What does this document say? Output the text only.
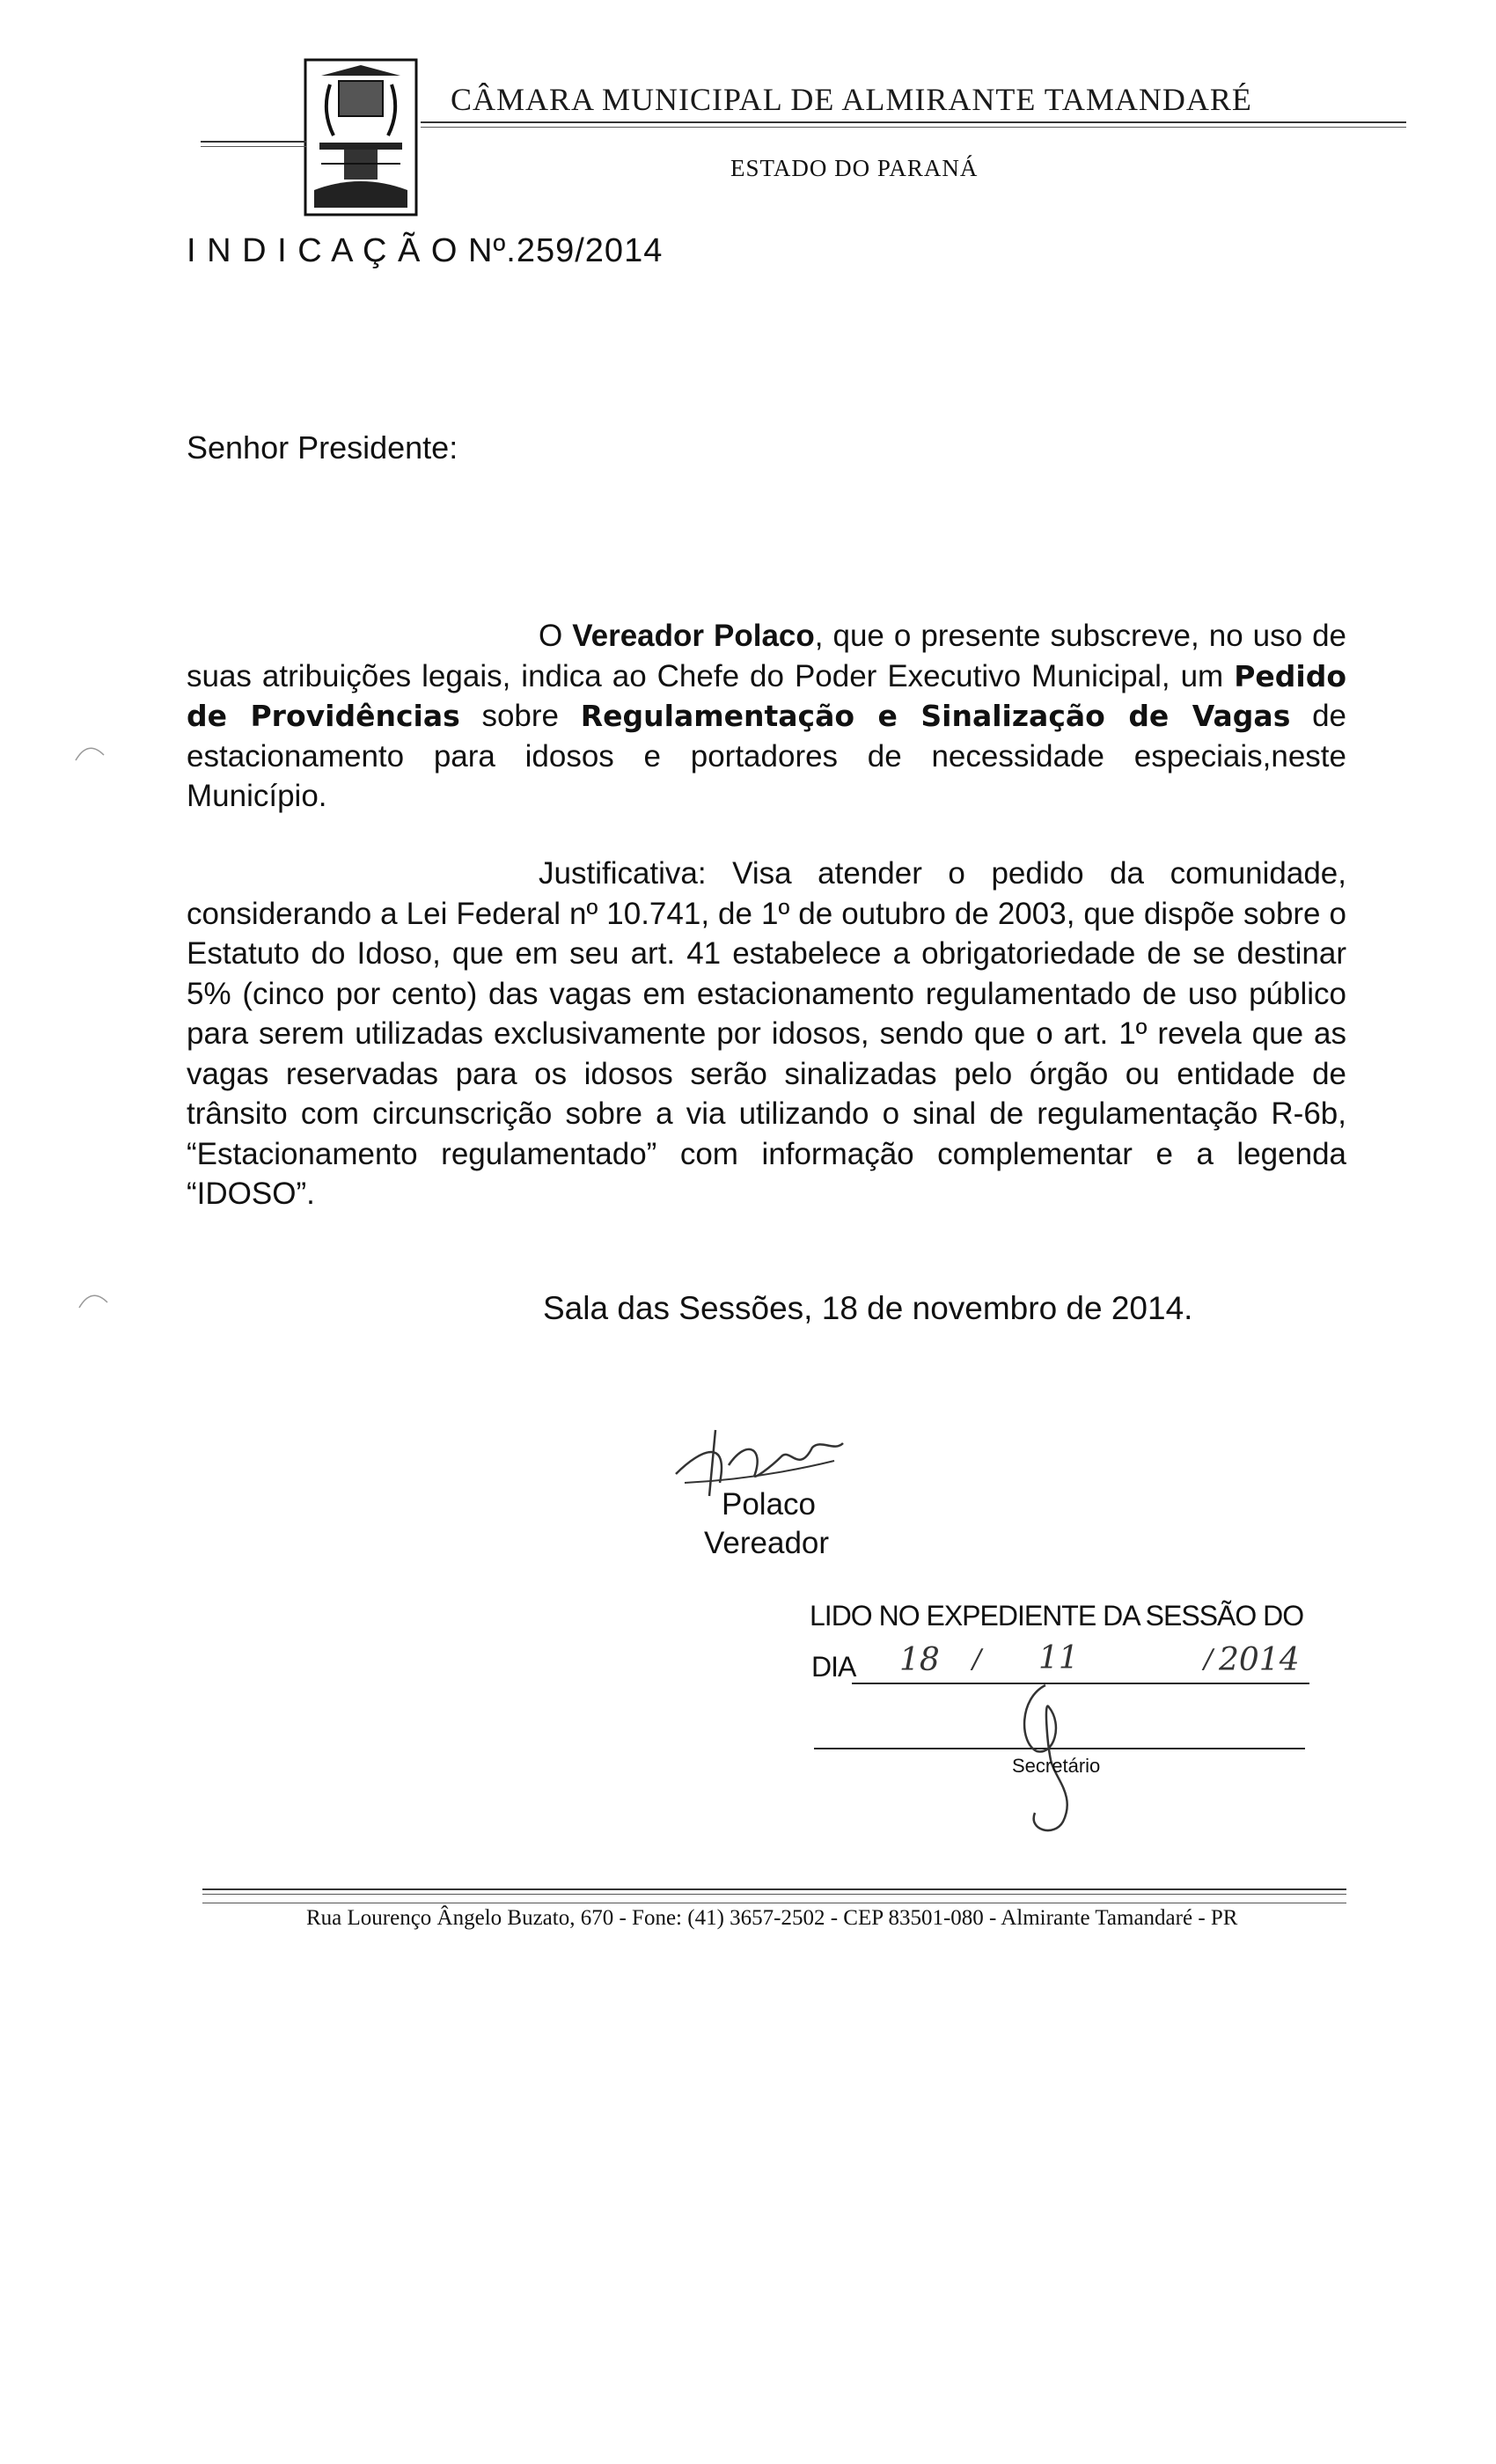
CÂMARA MUNICIPAL DE ALMIRANTE TAMANDARÉ
ESTADO DO PARANÁ
I N D I C A Ç Ã O Nº.259/2014
Senhor Presidente:
O Vereador Polaco, que o presente subscreve, no uso de suas atribuições legais, indica ao Chefe do Poder Executivo Municipal, um Pedido de Providências sobre Regulamentação e Sinalização de Vagas de estacionamento para idosos e portadores de necessidade especiais,neste Município.
Justificativa: Visa atender o pedido da comunidade, considerando a Lei Federal nº 10.741, de 1º de outubro de 2003, que dispõe sobre o Estatuto do Idoso, que em seu art. 41 estabelece a obrigatoriedade de se destinar 5% (cinco por cento) das vagas em estacionamento regulamentado de uso público para serem utilizadas exclusivamente por idosos, sendo que o art. 1º revela que as vagas reservadas para os idosos serão sinalizadas pelo órgão ou entidade de trânsito com circunscrição sobre a via utilizando o sinal de regulamentação R-6b, “Estacionamento regulamentado” com informação complementar e a legenda “IDOSO”.
Sala das Sessões, 18 de novembro de 2014.
Polaco
Vereador
LIDO NO EXPEDIENTE DA SESSÃO DO
DIA 18 / 11	/ 2014
Secretário
Rua Lourenço Ângelo Buzato, 670 - Fone: (41) 3657-2502 - CEP 83501-080 - Almirante Tamandaré - PR
